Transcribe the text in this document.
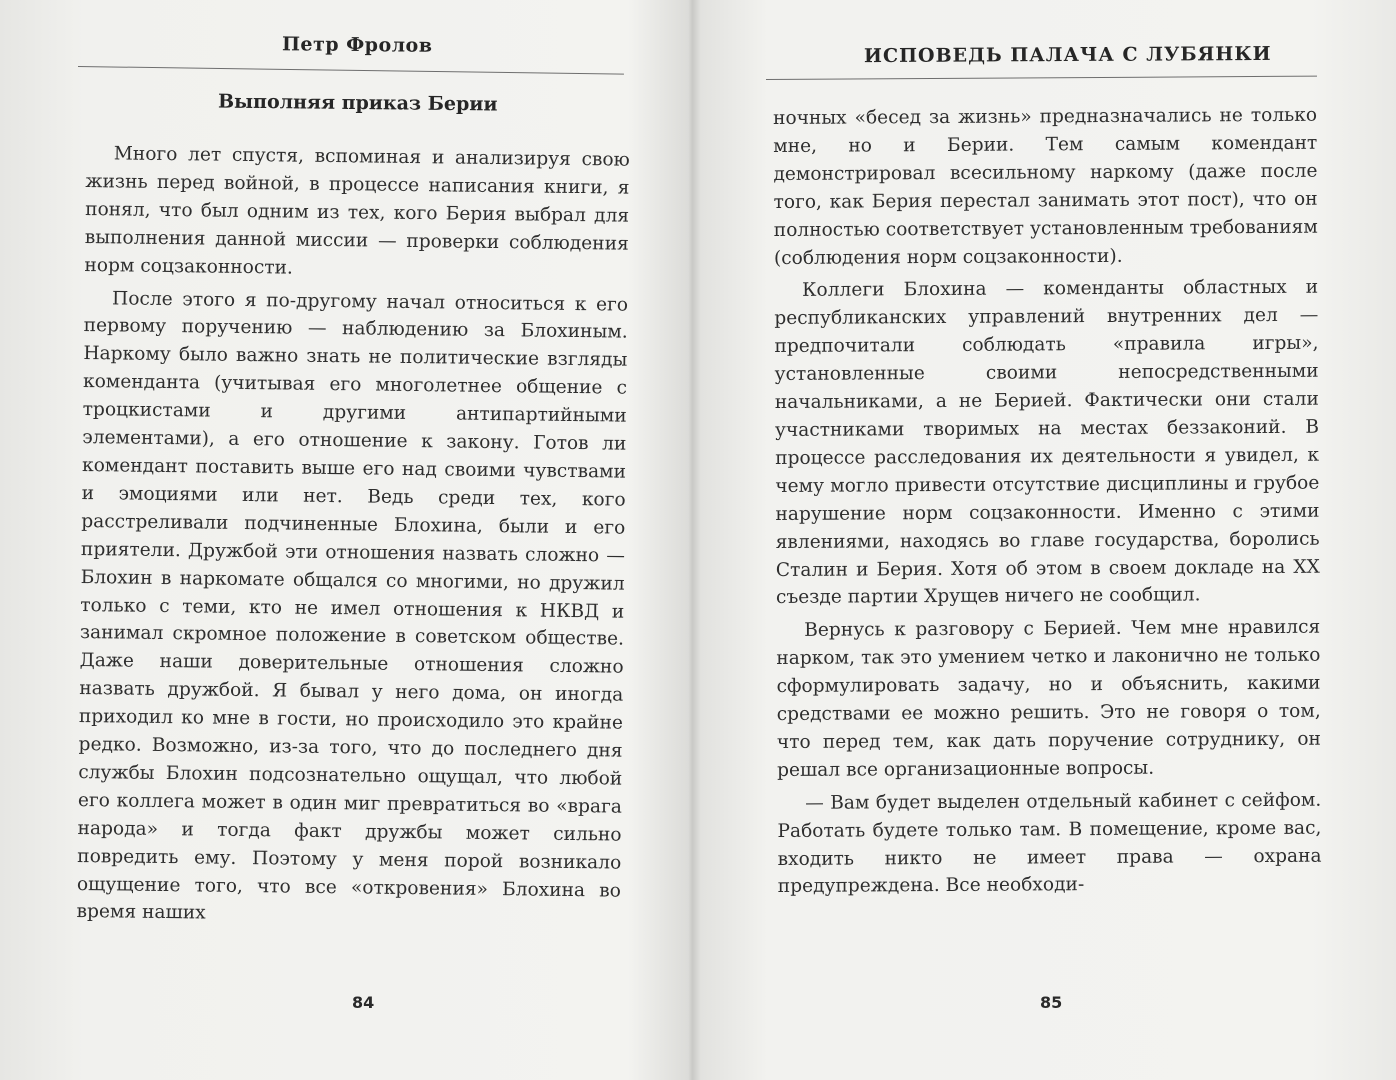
Петр Фролов
Выполняя приказ Берии

Много лет спустя, вспоминая и анализируя свою жизнь перед войной, в процессе написания книги, я понял, что был одним из тех, кого Берия выбрал для выполнения данной миссии — проверки соблюдения норм соцзаконности.

После этого я по-другому начал относиться к его первому поручению — наблюдению за Блохиным. Наркому было важно знать не политические взгляды коменданта (учитывая его многолетнее общение с троцкистами и другими антипартийными элементами), а его отношение к закону. Готов ли комендант поставить выше его над своими чувствами и эмоциями или нет. Ведь среди тех, кого расстреливали подчиненные Блохина, были и его приятели. Дружбой эти отношения назвать сложно — Блохин в наркомате общался со многими, но дружил только с теми, кто не имел отношения к НКВД и занимал скромное положение в советском обществе. Даже наши доверительные отношения сложно назвать дружбой. Я бывал у него дома, он иногда приходил ко мне в гости, но происходило это крайне редко. Возможно, из-за того, что до последнего дня службы Блохин подсознательно ощущал, что любой его коллега может в один миг превратиться во «врага народа» и тогда факт дружбы может сильно повредить ему. Поэтому у меня порой возникало ощущение того, что все «откровения» Блохина во время наших

84
ИСПОВЕДЬ ПАЛАЧА С ЛУБЯНКИ

ночных «бесед за жизнь» предназначались не только мне, но и Берии. Тем самым комендант демонстрировал всесильному наркому (даже после того, как Берия перестал занимать этот пост), что он полностью соответствует установленным требованиям (соблюдения норм соцзаконности).

Коллеги Блохина — коменданты областных и республиканских управлений внутренних дел — предпочитали соблюдать «правила игры», установленные своими непосредственными начальниками, а не Берией. Фактически они стали участниками творимых на местах беззаконий. В процессе расследования их деятельности я увидел, к чему могло привести отсутствие дисциплины и грубое нарушение норм соцзаконности. Именно с этими явлениями, находясь во главе государства, боролись Сталин и Берия. Хотя об этом в своем докладе на XX съезде партии Хрущев ничего не сообщил.

Вернусь к разговору с Берией. Чем мне нравился нарком, так это умением четко и лаконично не только сформулировать задачу, но и объяснить, какими средствами ее можно решить. Это не говоря о том, что перед тем, как дать поручение сотруднику, он решал все организационные вопросы.

— Вам будет выделен отдельный кабинет с сейфом. Работать будете только там. В помещение, кроме вас, входить никто не имеет права — охрана предупреждена. Все необходи-

85
